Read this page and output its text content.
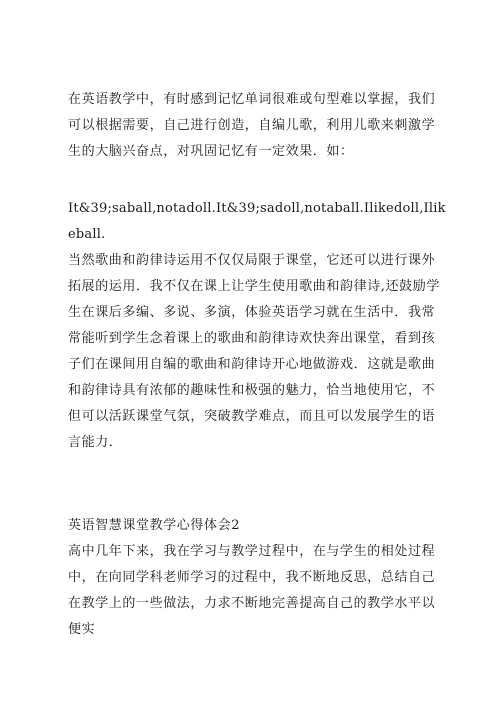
在英语教学中，有时感到记忆单词很难或句型难以掌握，我们可以根据需要，自己进行创造，自编儿歌，利用儿歌来刺激学生的大脑兴奋点，对巩固记忆有一定效果．如：

It&39;saball,notadoll.It&39;sadoll,notaball.Ilikedoll,Ilikeball.

当然歌曲和韵律诗运用不仅仅局限于课堂，它还可以进行课外拓展的运用．我不仅在课上让学生使用歌曲和韵律诗,还鼓励学生在课后多编、多说、多演，体验英语学习就在生活中．我常常能听到学生念着课上的歌曲和韵律诗欢快奔出课堂，看到孩子们在课间用自编的歌曲和韵律诗开心地做游戏．这就是歌曲和韵律诗具有浓郁的趣味性和极强的魅力，恰当地使用它，不但可以活跃课堂气氛，突破教学难点，而且可以发展学生的语言能力．

英语智慧课堂教学心得体会2

高中几年下来，我在学习与教学过程中，在与学生的相处过程中，在向同学科老师学习的过程中，我不断地反思，总结自己在教学上的一些做法，力求不断地完善提高自己的教学水平以便实
